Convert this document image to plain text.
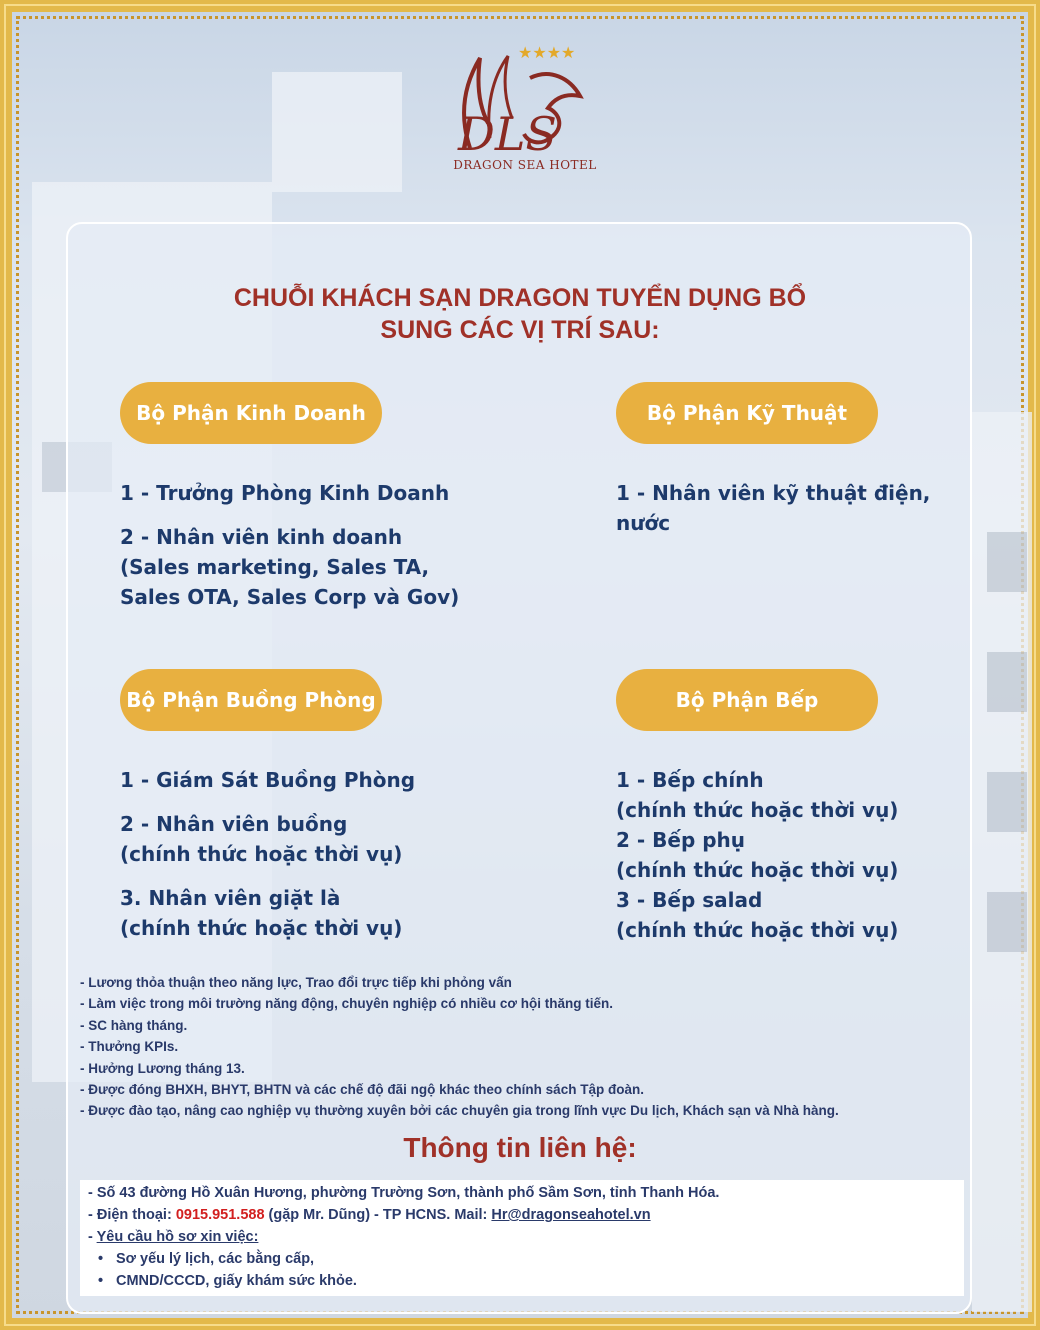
★★★★
DLS
DRAGON SEA HOTEL
CHUỖI KHÁCH SẠN DRAGON TUYỂN DỤNG BỔ
SUNG CÁC VỊ TRÍ SAU:
Bộ Phận Kinh Doanh
1 - Trưởng Phòng Kinh Doanh
2 - Nhân viên kinh doanh
(Sales marketing, Sales TA,
Sales OTA, Sales Corp và Gov)
Bộ Phận Kỹ Thuật
1 - Nhân viên kỹ thuật điện,
nước
Bộ Phận Buồng Phòng
1 - Giám Sát Buồng Phòng
2 - Nhân viên buồng
(chính thức hoặc thời vụ)
3. Nhân viên giặt là
(chính thức hoặc thời vụ)
Bộ Phận Bếp
1 - Bếp chính
(chính thức hoặc thời vụ)
2 - Bếp phụ
(chính thức hoặc thời vụ)
3 - Bếp salad
(chính thức hoặc thời vụ)
- Lương thỏa thuận theo năng lực, Trao đổi trực tiếp khi phỏng vấn
- Làm việc trong môi trường năng động, chuyên nghiệp có nhiều cơ hội thăng tiến.
- SC hàng tháng.
- Thưởng KPIs.
- Hưởng Lương tháng 13.
- Được đóng BHXH, BHYT, BHTN và các chế độ đãi ngộ khác theo chính sách Tập đoàn.
- Được đào tạo, nâng cao nghiệp vụ thường xuyên bởi các chuyên gia trong lĩnh vực Du lịch, Khách sạn và Nhà hàng.
Thông tin liên hệ:
- Số 43 đường Hồ Xuân Hương, phường Trường Sơn, thành phố Sầm Sơn, tỉnh Thanh Hóa.
- Điện thoại: 0915.951.588 (gặp Mr. Dũng) - TP HCNS. Mail: Hr@dragonseahotel.vn
- Yêu cầu hồ sơ xin việc:
• Sơ yếu lý lịch, các bằng cấp,
• CMND/CCCD, giấy khám sức khỏe.
